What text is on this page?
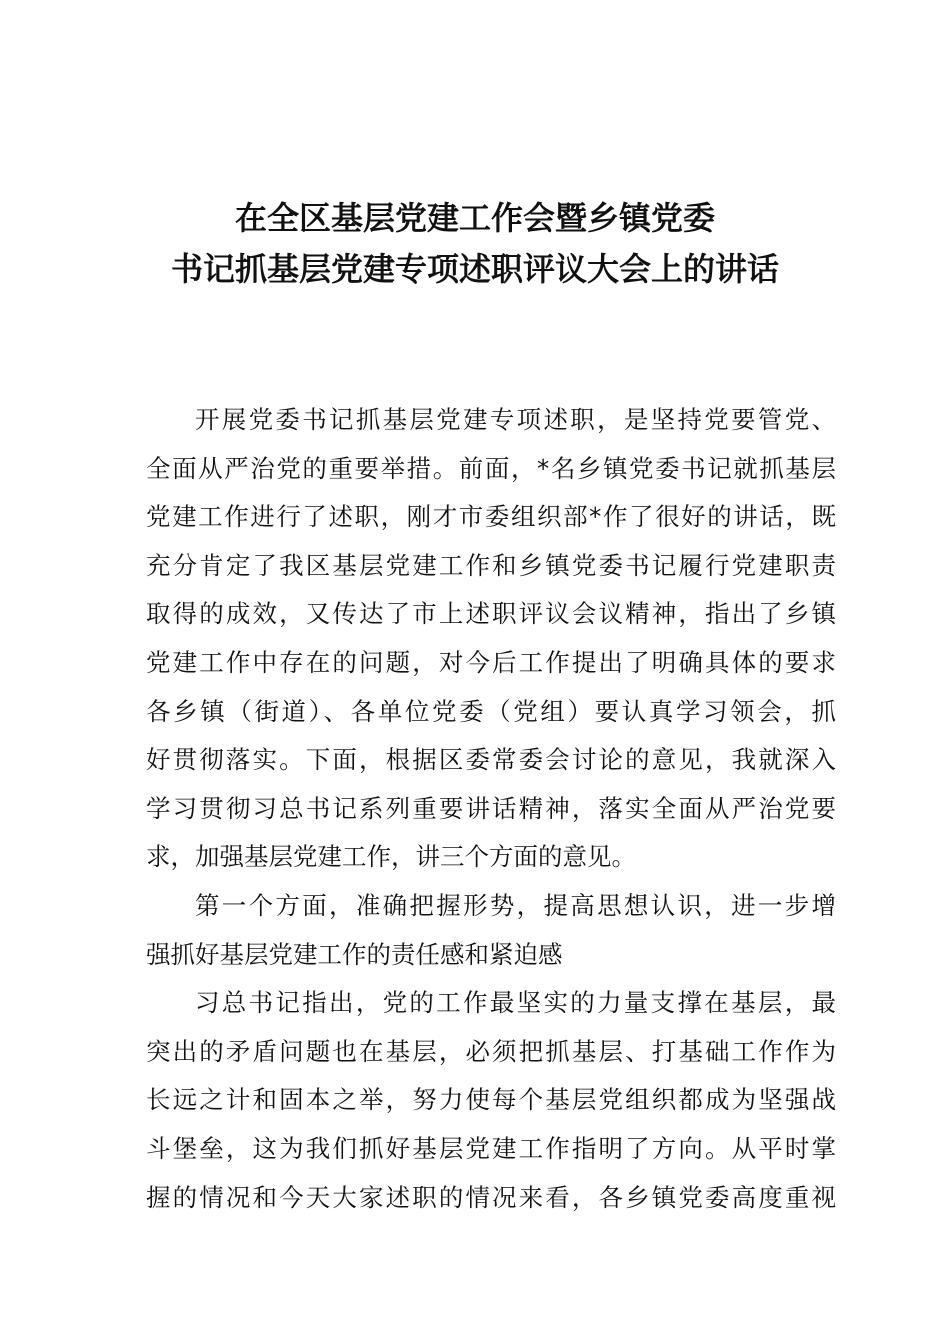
在全区基层党建工作会暨乡镇党委
书记抓基层党建专项述职评议大会上的讲话
开展党委书记抓基层党建专项述职，是坚持党要管党、
全面从严治党的重要举措。前面，*名乡镇党委书记就抓基层
党建工作进行了述职，刚才市委组织部*作了很好的讲话，既
充分肯定了我区基层党建工作和乡镇党委书记履行党建职责
取得的成效，又传达了市上述职评议会议精神，指出了乡镇
党建工作中存在的问题，对今后工作提出了明确具体的要求
各乡镇（街道）、各单位党委（党组）要认真学习领会，抓
好贯彻落实。下面，根据区委常委会讨论的意见，我就深入
学习贯彻习总书记系列重要讲话精神，落实全面从严治党要
求，加强基层党建工作，讲三个方面的意见。
第一个方面，准确把握形势，提高思想认识，进一步增
强抓好基层党建工作的责任感和紧迫感
习总书记指出，党的工作最坚实的力量支撑在基层，最
突出的矛盾问题也在基层，必须把抓基层、打基础工作作为
长远之计和固本之举，努力使每个基层党组织都成为坚强战
斗堡垒，这为我们抓好基层党建工作指明了方向。从平时掌
握的情况和今天大家述职的情况来看，各乡镇党委高度重视
